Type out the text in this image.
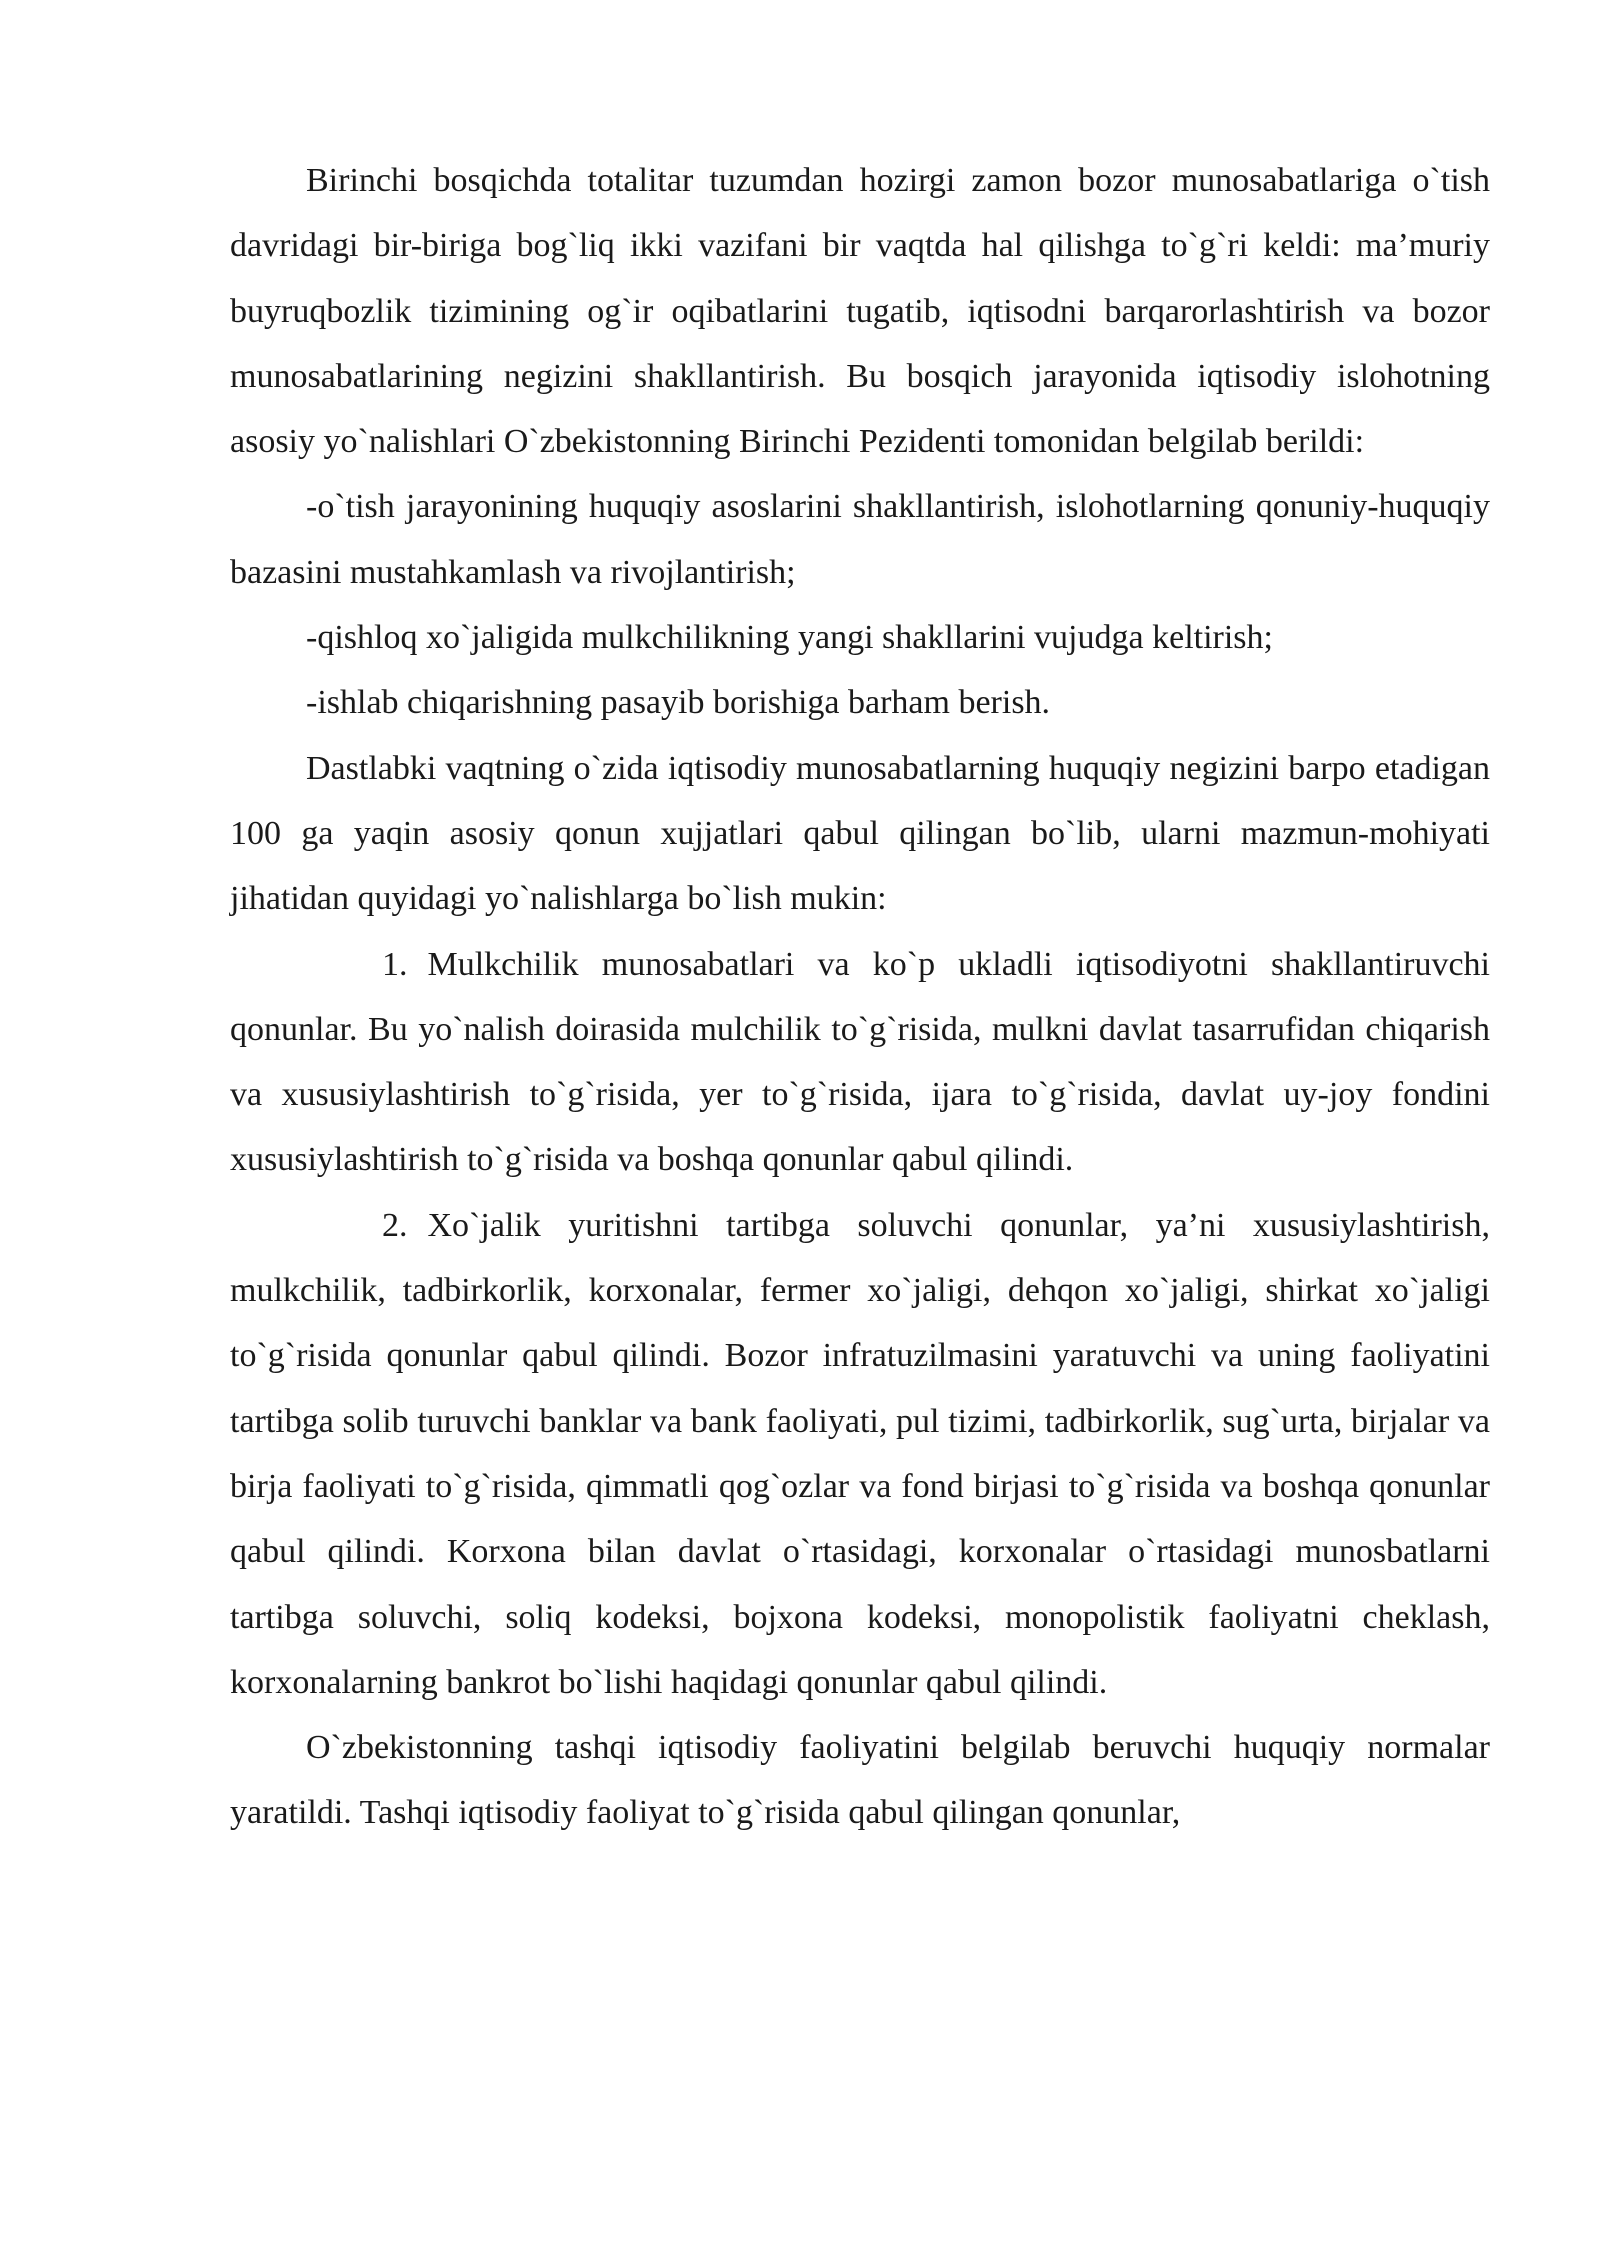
Birinchi bosqichda totalitar tuzumdan hozirgi zamon bozor munosabatlariga o`tish davridagi bir-biriga bog`liq ikki vazifani bir vaqtda hal qilishga to`g`ri keldi: ma’muriy buyruqbozlik tizimining og`ir oqibatlarini tugatib, iqtisodni barqarorlashtirish va bozor munosabatlarining negizini shakllantirish. Bu bosqich jarayonida iqtisodiy islohotning asosiy yo`nalishlari O`zbekistonning Birinchi Pezidenti tomonidan belgilab berildi:

-o`tish jarayonining huquqiy asoslarini shakllantirish, islohotlarning qonuniy-huquqiy bazasini mustahkamlash va rivojlantirish;

-qishloq xo`jaligida mulkchilikning yangi shakllarini vujudga keltirish;

-ishlab chiqarishning pasayib borishiga barham berish.

Dastlabki vaqtning o`zida iqtisodiy munosabatlarning huquqiy negizini barpo etadigan 100 ga yaqin asosiy qonun xujjatlari qabul qilingan bo`lib, ularni mazmun-mohiyati jihatidan quyidagi yo`nalishlarga bo`lish mukin:

1. Mulkchilik munosabatlari va ko`p ukladli iqtisodiyotni shakllantiruvchi qonunlar. Bu yo`nalish doirasida mulchilik to`g`risida, mulkni davlat tasarrufidan chiqarish va xususiylashtirish to`g`risida, yer to`g`risida, ijara to`g`risida, davlat uy-joy fondini xususiylashtirish to`g`risida va boshqa qonunlar qabul qilindi.

2. Xo`jalik yuritishni tartibga soluvchi qonunlar, ya’ni xususiylashtirish, mulkchilik, tadbirkorlik, korxonalar, fermer xo`jaligi, dehqon xo`jaligi, shirkat xo`jaligi to`g`risida qonunlar qabul qilindi. Bozor infratuzilmasini yaratuvchi va uning faoliyatini tartibga solib turuvchi banklar va bank faoliyati, pul tizimi, tadbirkorlik, sug`urta, birjalar va birja faoliyati to`g`risida, qimmatli qog`ozlar va fond birjasi to`g`risida va boshqa qonunlar qabul qilindi. Korxona bilan davlat o`rtasidagi, korxonalar o`rtasidagi munosbatlarni tartibga soluvchi, soliq kodeksi, bojxona kodeksi, monopolistik faoliyatni cheklash, korxonalarning bankrot bo`lishi haqidagi qonunlar qabul qilindi.

O`zbekistonning tashqi iqtisodiy faoliyatini belgilab beruvchi huquqiy normalar yaratildi. Tashqi iqtisodiy faoliyat to`g`risida qabul qilingan qonunlar,
